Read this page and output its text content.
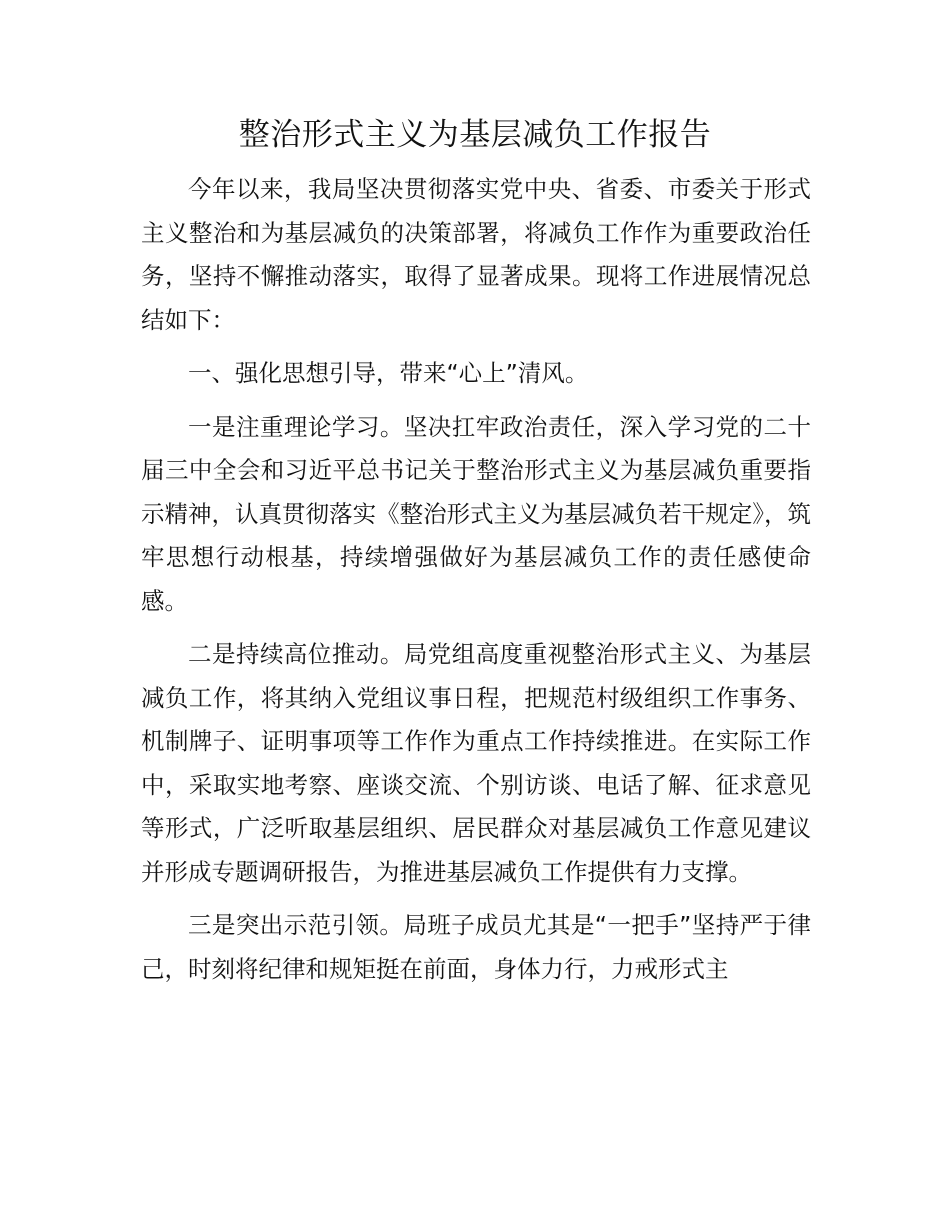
整治形式主义为基层减负工作报告

今年以来，我局坚决贯彻落实党中央、省委、市委关于形式主义整治和为基层减负的决策部署，将减负工作作为重要政治任务，坚持不懈推动落实，取得了显著成果。现将工作进展情况总结如下：

一、强化思想引导，带来“心上”清风。

一是注重理论学习。坚决扛牢政治责任，深入学习党的二十届三中全会和习近平总书记关于整治形式主义为基层减负重要指示精神，认真贯彻落实《整治形式主义为基层减负若干规定》，筑牢思想行动根基，持续增强做好为基层减负工作的责任感使命感。

二是持续高位推动。局党组高度重视整治形式主义、为基层减负工作，将其纳入党组议事日程，把规范村级组织工作事务、机制牌子、证明事项等工作作为重点工作持续推进。在实际工作中，采取实地考察、座谈交流、个别访谈、电话了解、征求意见等形式，广泛听取基层组织、居民群众对基层减负工作意见建议并形成专题调研报告，为推进基层减负工作提供有力支撑。

三是突出示范引领。局班子成员尤其是“一把手”坚持严于律己，时刻将纪律和规矩挺在前面，身体力行，力戒形式主
